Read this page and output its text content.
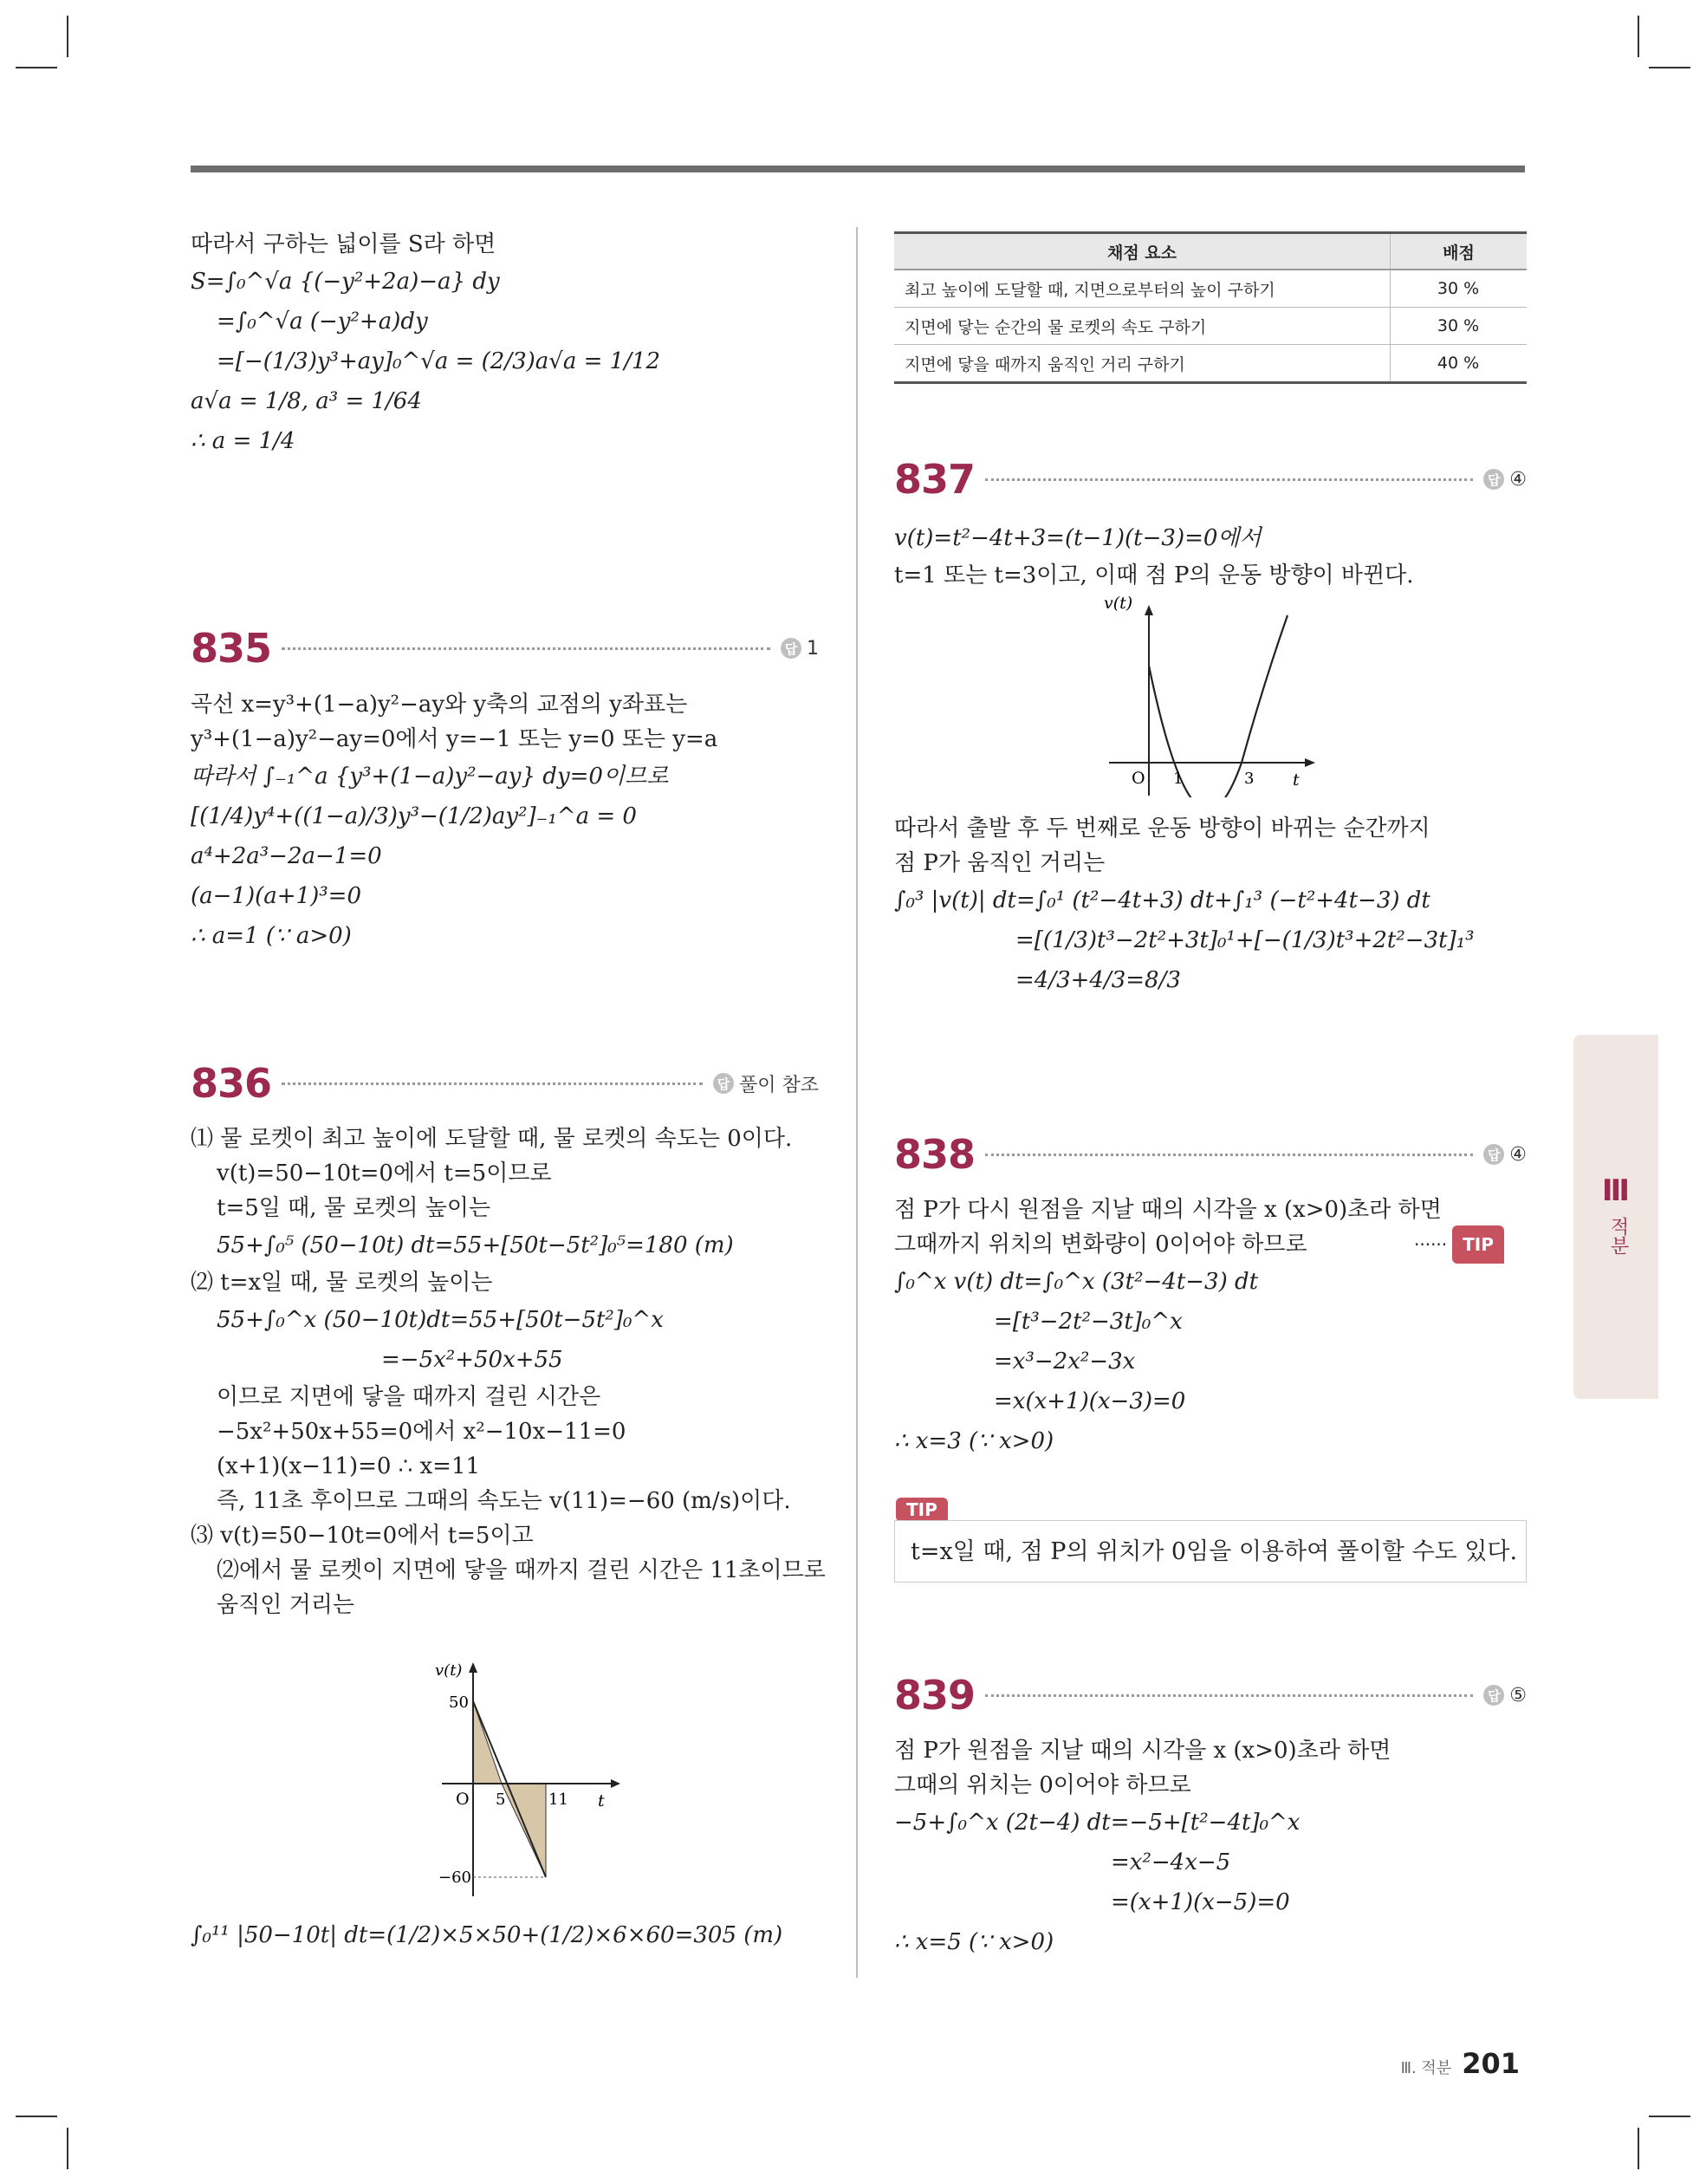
따라서 구하는 넓이를 S라 하면
S=∫₀^√a {(−y²+2a)−a} dy
=∫₀^√a (−y²+a)dy
=[−(1/3)y³+ay]₀^√a = (2/3)a√a = 1/12
a√a = 1/8, a³ = 1/64
∴ a = 1/4
835	답 1
곡선 x=y³+(1−a)y²−ay와 y축의 교점의 y좌표는
y³+(1−a)y²−ay=0에서 y=−1 또는 y=0 또는 y=a
따라서 ∫₋₁^a {y³+(1−a)y²−ay} dy=0이므로
[(1/4)y⁴+((1−a)/3)y³−(1/2)ay²]₋₁^a = 0
a⁴+2a³−2a−1=0
(a−1)(a+1)³=0
∴ a=1 (∵ a>0)
836	답 풀이 참조
⑴ 물 로켓이 최고 높이에 도달할 때, 물 로켓의 속도는 0이다.
v(t)=50−10t=0에서 t=5이므로
t=5일 때, 물 로켓의 높이는
55+∫₀⁵ (50−10t) dt=55+[50t−5t²]₀⁵=180 (m)
⑵ t=x일 때, 물 로켓의 높이는
55+∫₀^x (50−10t)dt=55+[50t−5t²]₀^x
=−5x²+50x+55
이므로 지면에 닿을 때까지 걸린 시간은
−5x²+50x+55=0에서 x²−10x−11=0
(x+1)(x−11)=0 ∴ x=11
즉, 11초 후이므로 그때의 속도는 v(11)=−60 (m/s)이다.
⑶ v(t)=50−10t=0에서 t=5이고
⑵에서 물 로켓이 지면에 닿을 때까지 걸린 시간은 11초이므로
움직인 거리는
v(t)
t
O 5	11
50
−60
∫₀¹¹ |50−10t| dt=(1/2)×5×50+(1/2)×6×60=305 (m)
채점 요소	배점
최고 높이에 도달할 때, 지면으로부터의 높이 구하기	30 %
지면에 닿는 순간의 물 로켓의 속도 구하기	30 %
지면에 닿을 때까지 움직인 거리 구하기	40 %
837	답 ④
v(t)=t²−4t+3=(t−1)(t−3)=0에서
t=1 또는 t=3이고, 이때 점 P의 운동 방향이 바뀐다.
v(t)
t
O 1	3
따라서 출발 후 두 번째로 운동 방향이 바뀌는 순간까지
점 P가 움직인 거리는
∫₀³ |v(t)| dt=∫₀¹ (t²−4t+3) dt+∫₁³ (−t²+4t−3) dt
=[(1/3)t³−2t²+3t]₀¹+[−(1/3)t³+2t²−3t]₁³
=4/3+4/3=8/3
838	답 ④
점 P가 다시 원점을 지날 때의 시각을 x (x>0)초라 하면
그때까지 위치의 변화량이 0이어야 하므로	······ TIP
∫₀^x v(t) dt=∫₀^x (3t²−4t−3) dt
=[t³−2t²−3t]₀^x
=x³−2x²−3x
=x(x+1)(x−3)=0
∴ x=3 (∵ x>0)
TIP
t=x일 때, 점 P의 위치가 0임을 이용하여 풀이할 수도 있다.
839	답 ⑤
점 P가 원점을 지날 때의 시각을 x (x>0)초라 하면
그때의 위치는 0이어야 하므로
−5+∫₀^x (2t−4) dt=−5+[t²−4t]₀^x
=x²−4x−5
=(x+1)(x−5)=0
∴ x=5 (∵ x>0)
Ⅲ
적분
Ⅲ. 적분 201
